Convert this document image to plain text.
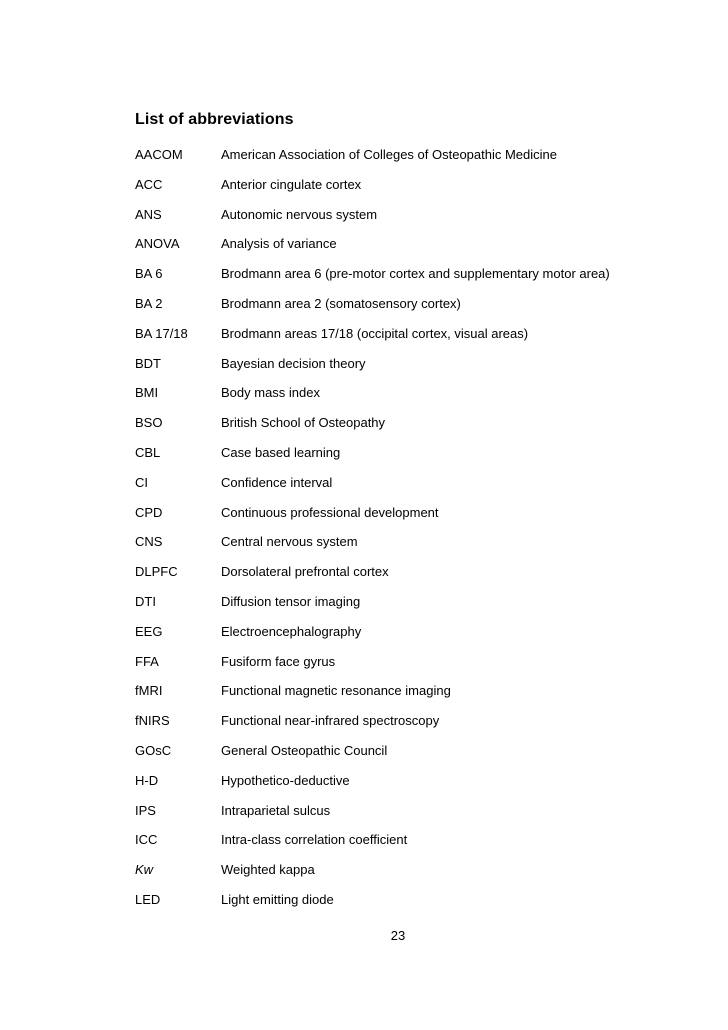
List of abbreviations
AACOM	American Association of Colleges of Osteopathic Medicine
ACC	Anterior cingulate cortex
ANS	Autonomic nervous system
ANOVA	Analysis of variance
BA 6	Brodmann area 6 (pre-motor cortex and supplementary motor area)
BA 2	Brodmann area 2 (somatosensory cortex)
BA 17/18	Brodmann areas 17/18 (occipital cortex, visual areas)
BDT	Bayesian decision theory
BMI	Body mass index
BSO	British School of Osteopathy
CBL	Case based learning
CI	Confidence interval
CPD	Continuous professional development
CNS	Central nervous system
DLPFC	Dorsolateral prefrontal cortex
DTI	Diffusion tensor imaging
EEG	Electroencephalography
FFA	Fusiform face gyrus
fMRI	Functional magnetic resonance imaging
fNIRS	Functional near-infrared spectroscopy
GOsC	General Osteopathic Council
H-D	Hypothetico-deductive
IPS	Intraparietal sulcus
ICC	Intra-class correlation coefficient
Kw	Weighted kappa
LED	Light emitting diode
23
